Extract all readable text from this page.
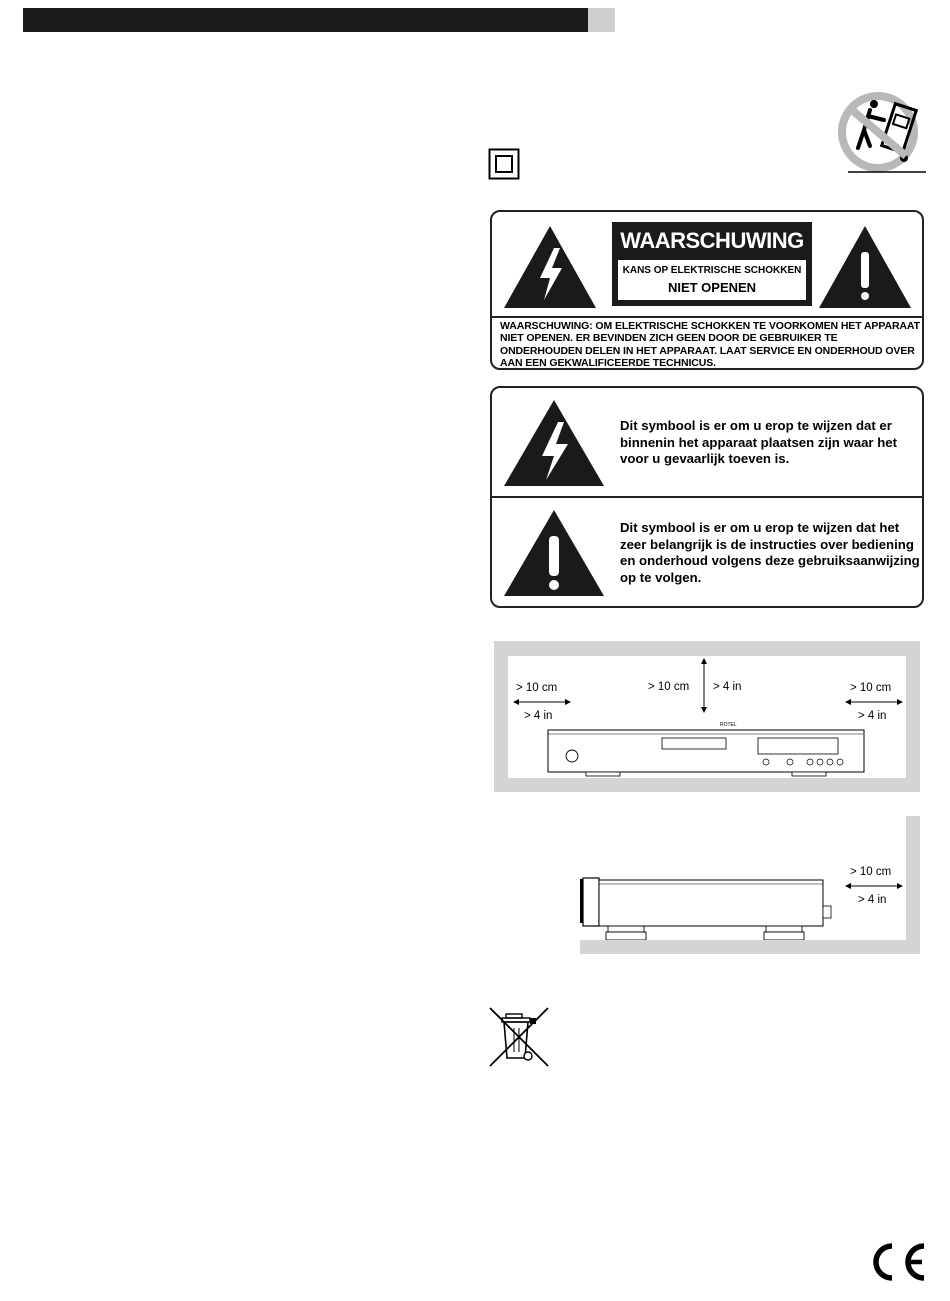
WAARSCHUWING
KANS OP ELEKTRISCHE SCHOKKEN
NIET OPENEN
WAARSCHUWING: OM ELEKTRISCHE SCHOKKEN TE VOORKOMEN HET APPARAAT NIET OPENEN. ER BEVINDEN ZICH GEEN DOOR DE GEBRUIKER TE ONDERHOUDEN DELEN IN HET APPARAAT. LAAT SERVICE EN ONDERHOUD OVER AAN EEN GEKWALIFICEERDE TECHNICUS.
Dit symbool is er om u erop te wijzen dat er binnenin het apparaat plaatsen zijn waar het voor u gevaarlijk toeven is.
Dit symbool is er om u erop te wijzen dat het zeer belangrijk is de instructies over bediening en onderhoud volgens deze gebruiksaanwijzing op te volgen.
> 10 cm
> 4 in
> 10 cm > 4 in	> 10 cm
> 4 in
ROTEL
> 10 cm
> 4 in
